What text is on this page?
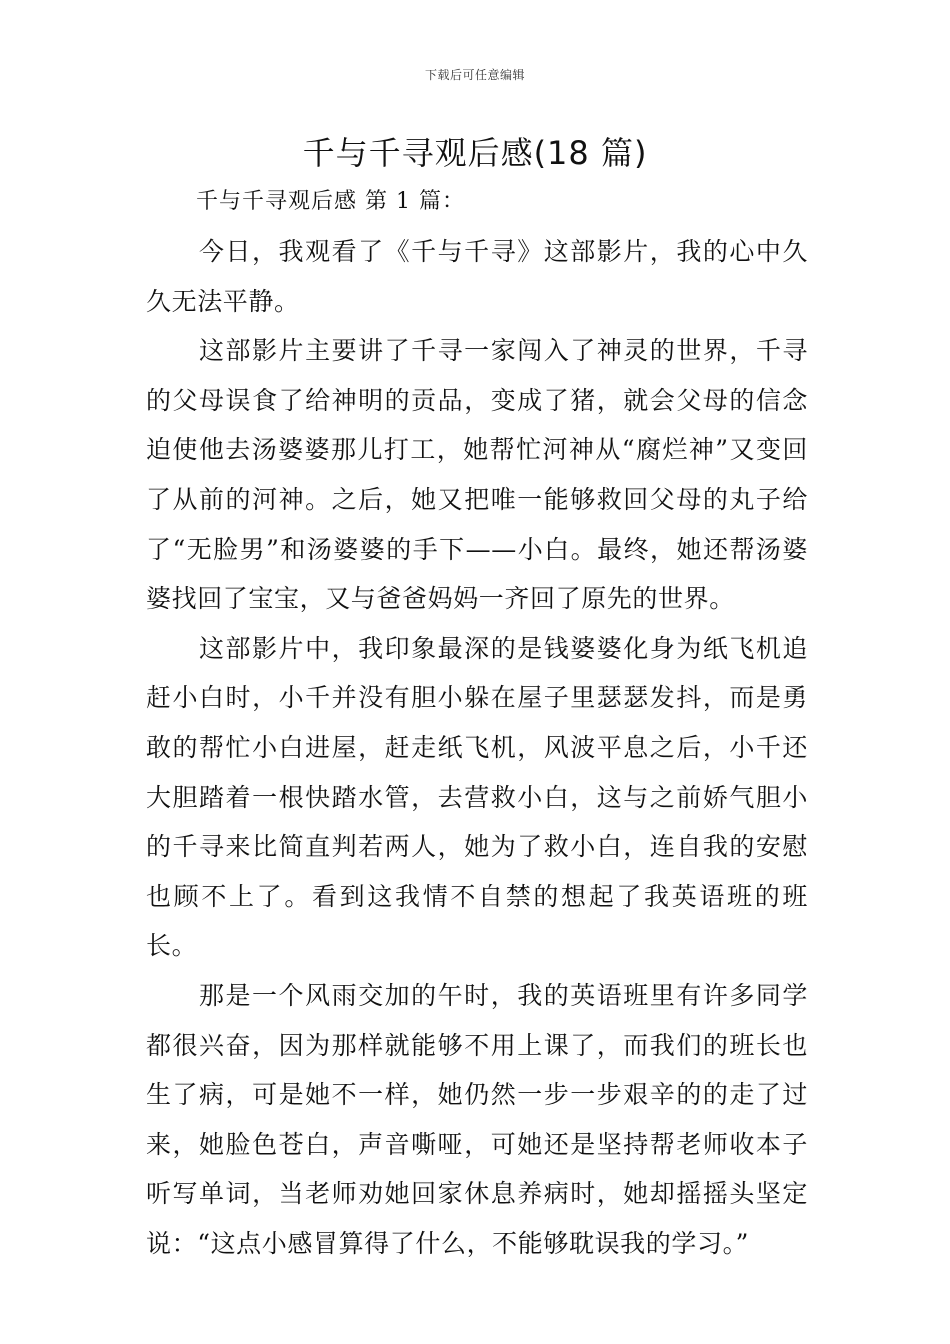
下载后可任意编辑
千与千寻观后感(18 篇)
千与千寻观后感 第 1 篇：

今日，我观看了《千与千寻》这部影片，我的心中久久无法平静。

这部影片主要讲了千寻一家闯入了神灵的世界，千寻的父母误食了给神明的贡品，变成了猪，就会父母的信念迫使他去汤婆婆那儿打工，她帮忙河神从“腐烂神”又变回了从前的河神。之后，她又把唯一能够救回父母的丸子给了“无脸男”和汤婆婆的手下——小白。最终，她还帮汤婆婆找回了宝宝，又与爸爸妈妈一齐回了原先的世界。

这部影片中，我印象最深的是钱婆婆化身为纸飞机追赶小白时，小千并没有胆小躲在屋子里瑟瑟发抖，而是勇敢的帮忙小白进屋，赶走纸飞机，风波平息之后，小千还大胆踏着一根快踏水管，去营救小白，这与之前娇气胆小的千寻来比简直判若两人，她为了救小白，连自我的安慰也顾不上了。看到这我情不自禁的想起了我英语班的班长。

那是一个风雨交加的午时，我的英语班里有许多同学都很兴奋，因为那样就能够不用上课了，而我们的班长也生了病，可是她不一样，她仍然一步一步艰辛的的走了过来，她脸色苍白，声音嘶哑，可她还是坚持帮老师收本子听写单词，当老师劝她回家休息养病时，她却摇摇头坚定说：“这点小感冒算得了什么，不能够耽误我的学习。”
